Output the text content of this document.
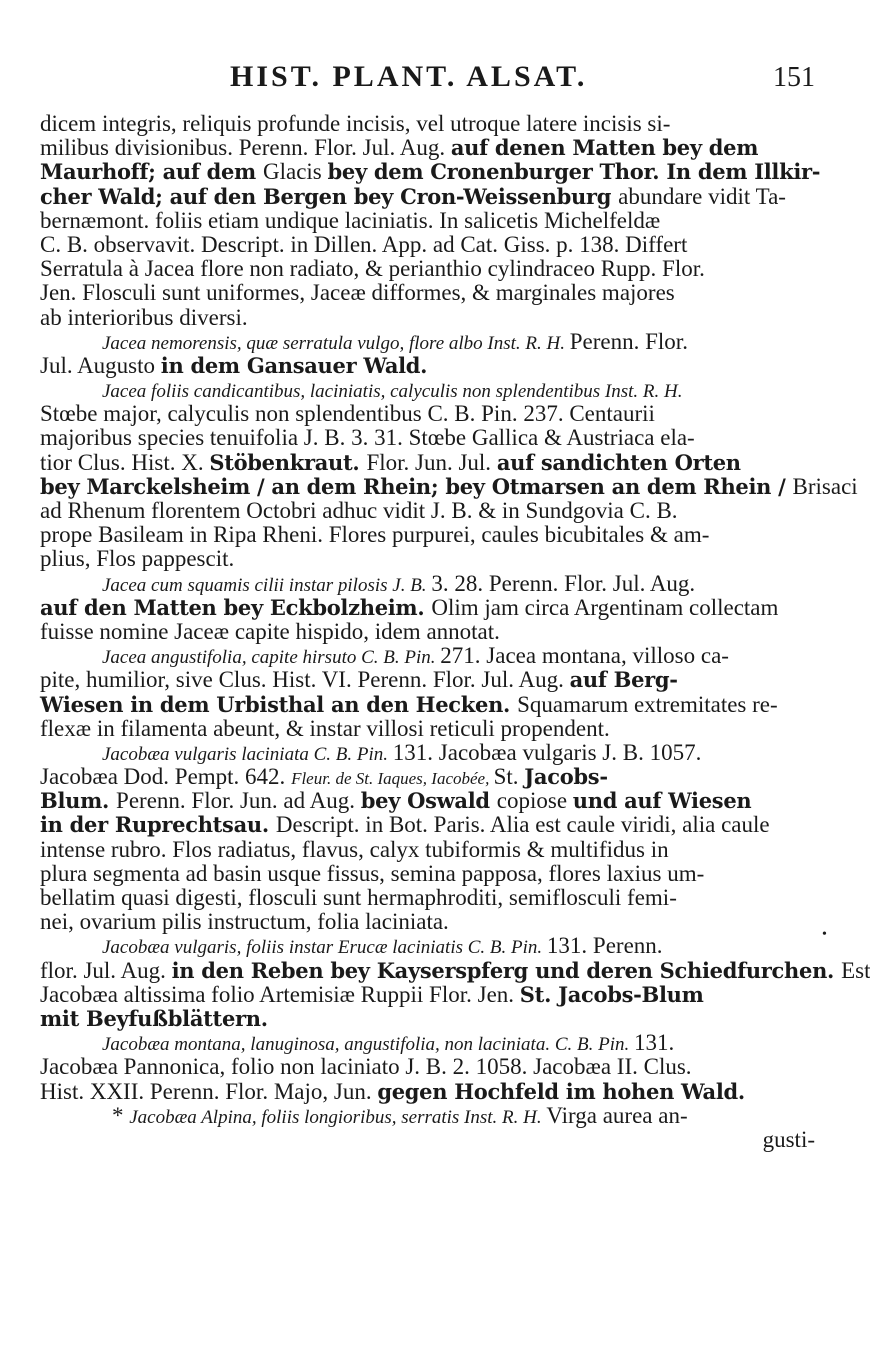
HIST. PLANT. ALSAT.	151
dicem integris, reliquis profunde incisis, vel utroque latere incisis si-
milibus divisionibus. Perenn. Flor. Jul. Aug. auf denen Matten bey dem
Maurhoff; auf dem Glacis bey dem Cronenburger Thor. In dem Illkir-
cher Wald; auf den Bergen bey Cron-Weissenburg abundare vidit Ta-
bernæmont. foliis etiam undique laciniatis. In salicetis Michelfeldæ
C. B. observavit. Descript. in Dillen. App. ad Cat. Giss. p. 138. Differt
Serratula à Jacea flore non radiato, & perianthio cylindraceo Rupp. Flor.
Jen. Flosculi sunt uniformes, Jaceæ difformes, & marginales majores
ab interioribus diversi.
Jacea nemorensis, quæ serratula vulgo, flore albo Inst. R. H. Perenn. Flor.
Jul. Augusto in dem Gansauer Wald.
Jacea foliis candicantibus, laciniatis, calyculis non splendentibus Inst. R. H.
Stœbe major, calyculis non splendentibus C. B. Pin. 237. Centaurii
majoribus species tenuifolia J. B. 3. 31. Stœbe Gallica & Austriaca ela-
tior Clus. Hist. X. Stöbenkraut. Flor. Jun. Jul. auf sandichten Orten
bey Marckelsheim / an dem Rhein; bey Otmarsen an dem Rhein / Brisaci
ad Rhenum florentem Octobri adhuc vidit J. B. & in Sundgovia C. B.
prope Basileam in Ripa Rheni. Flores purpurei, caules bicubitales & am-
plius, Flos pappescit.
Jacea cum squamis cilii instar pilosis J. B. 3. 28. Perenn. Flor. Jul. Aug.
auf den Matten bey Eckbolzheim. Olim jam circa Argentinam collectam
fuisse nomine Jaceæ capite hispido, idem annotat.
Jacea angustifolia, capite hirsuto C. B. Pin. 271. Jacea montana, villoso ca-
pite, humilior, sive Clus. Hist. VI. Perenn. Flor. Jul. Aug. auf Berg-
Wiesen in dem Urbisthal an den Hecken. Squamarum extremitates re-
flexæ in filamenta abeunt, & instar villosi reticuli propendent.
Jacobæa vulgaris laciniata C. B. Pin. 131. Jacobæa vulgaris J. B. 1057.
Jacobæa Dod. Pempt. 642. Fleur. de St. Iaques, Iacobée, St. Jacobs-
Blum. Perenn. Flor. Jun. ad Aug. bey Oswald copiose und auf Wiesen
in der Ruprechtsau. Descript. in Bot. Paris. Alia est caule viridi, alia caule
intense rubro. Flos radiatus, flavus, calyx tubiformis & multifidus in
plura segmenta ad basin usque fissus, semina papposa, flores laxius um-
bellatim quasi digesti, flosculi sunt hermaphroditi, semiflosculi femi-
nei, ovarium pilis instructum, folia laciniata.
Jacobæa vulgaris, foliis instar Erucæ laciniatis C. B. Pin. 131. Perenn.
flor. Jul. Aug. in den Reben bey Kayserspferg und deren Schiedfurchen. Est
Jacobæa altissima folio Artemisiæ Ruppii Flor. Jen. St. Jacobs-Blum
mit Beyfußblättern.
Jacobæa montana, lanuginosa, angustifolia, non laciniata. C. B. Pin. 131.
Jacobæa Pannonica, folio non laciniato J. B. 2. 1058. Jacobæa II. Clus.
Hist. XXII. Perenn. Flor. Majo, Jun. gegen Hochfeld im hohen Wald.
* Jacobæa Alpina, foliis longioribus, serratis Inst. R. H. Virga aurea an-
gusti-
•
